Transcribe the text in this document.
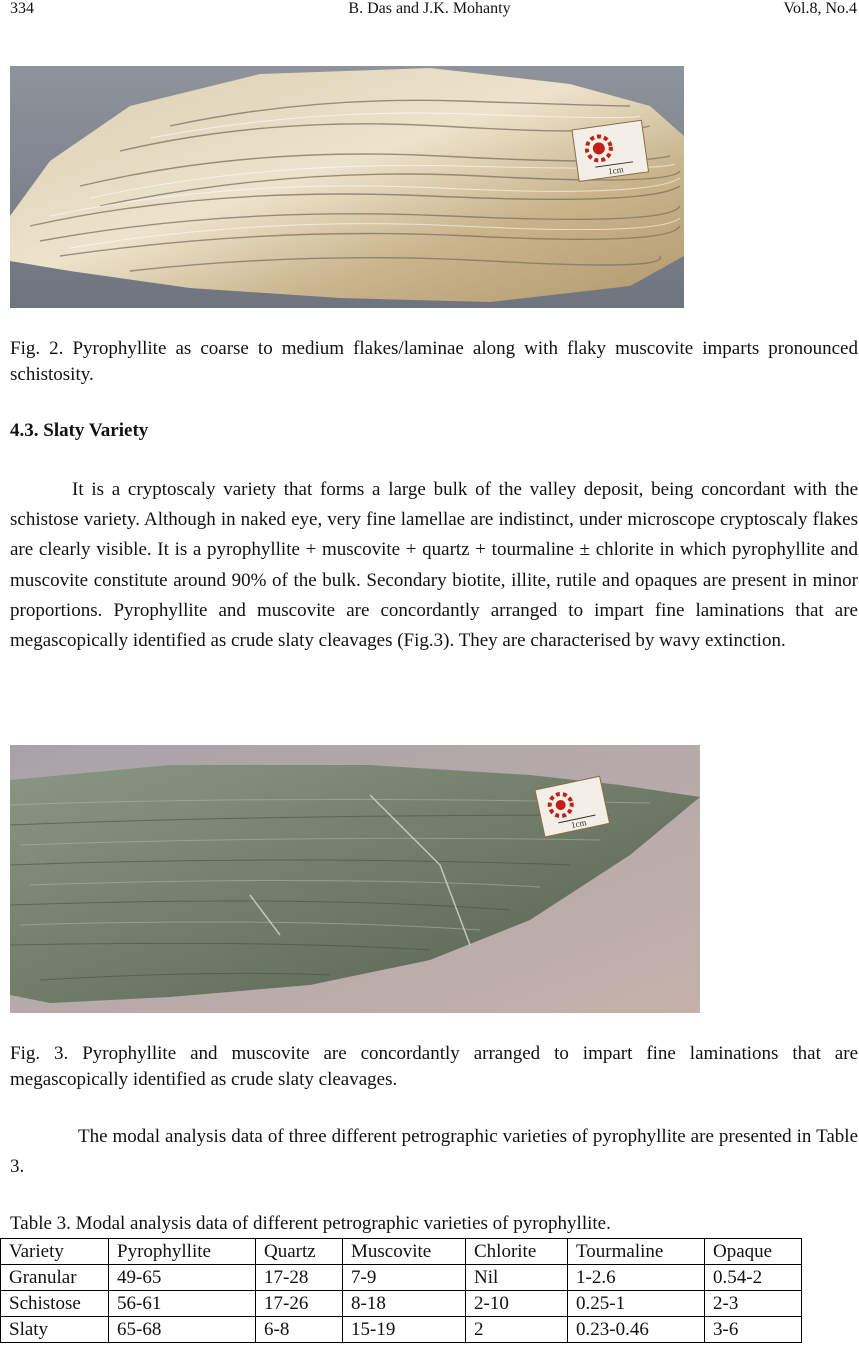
334	B. Das and J.K. Mohanty	Vol.8, No.4
1cm

Fig. 2. Pyrophyllite as coarse to medium flakes/laminae along with flaky muscovite imparts pronounced schistosity.

4.3. Slaty Variety

It is a cryptoscaly variety that forms a large bulk of the valley deposit, being concordant with the schistose variety. Although in naked eye, very fine lamellae are indistinct, under microscope cryptoscaly flakes are clearly visible. It is a pyrophyllite + muscovite + quartz + tourmaline ± chlorite in which pyrophyllite and muscovite constitute around 90% of the bulk. Secondary biotite, illite, rutile and opaques are present in minor proportions. Pyrophyllite and muscovite are concordantly arranged to impart fine laminations that are megascopically identified as crude slaty cleavages (Fig.3). They are characterised by wavy extinction.

1cm

Fig. 3. Pyrophyllite and muscovite are concordantly arranged to impart fine laminations that are megascopically identified as crude slaty cleavages.

The modal analysis data of three different petrographic varieties of pyrophyllite are presented in Table 3.

Table 3. Modal analysis data of different petrographic varieties of pyrophyllite.

Variety	Pyrophyllite	Quartz	Muscovite	Chlorite	Tourmaline	Opaque
Granular	49-65	17-28	7-9	Nil	1-2.6	0.54-2
Schistose	56-61	17-26	8-18	2-10	0.25-1	2-3
Slaty	65-68	6-8	15-19	2	0.23-0.46	3-6
